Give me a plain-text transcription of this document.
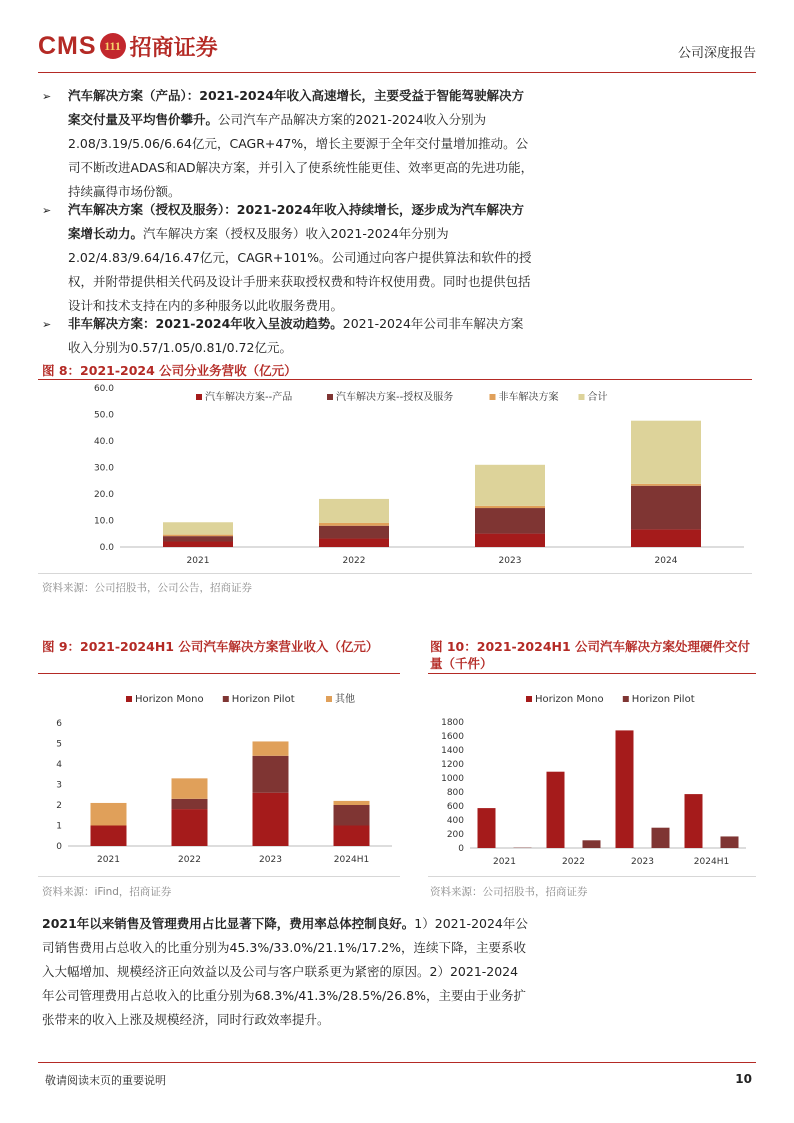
CMS 111 招商证券	公司深度报告
➢ 汽车解决方案（产品）：2021-2024年收入高速增长，主要受益于智能驾驶解决方案交付量及平均售价攀升。公司汽车产品解决方案的2021-2024收入分别为2.08/3.19/5.06/6.64亿元，CAGR+47%，增长主要源于全年交付量增加推动。公司不断改进ADAS和AD解决方案，并引入了使系统性能更佳、效率更高的先进功能，持续赢得市场份额。
➢ 汽车解决方案（授权及服务）：2021-2024年收入持续增长，逐步成为汽车解决方案增长动力。汽车解决方案（授权及服务）收入2021-2024年分别为2.02/4.83/9.64/16.47亿元，CAGR+101%。公司通过向客户提供算法和软件的授权，并附带提供相关代码及设计手册来获取授权费和特许权使用费。同时也提供包括设计和技术支持在内的多种服务以此收服务费用。
➢ 非车解决方案：2021-2024年收入呈波动趋势。2021-2024年公司非车解决方案收入分别为0.57/1.05/0.81/0.72亿元。
图 8：2021-2024 公司分业务营收（亿元）
汽车解决方案--产品	汽车解决方案--授权及服务	非车解决方案	合计
0.0
10.0
20.0
30.0
40.0
50.0
60.0
2021	2022	2023	2024
资料来源：公司招股书，公司公告，招商证券
图 9：2021-2024H1 公司汽车解决方案营业收入（亿元）
Horizon Mono	Horizon Pilot	其他
0
1
2
3
4
5
6
2021	2022	2023	2024H1
资料来源：iFind，招商证券
图 10：2021-2024H1 公司汽车解决方案处理硬件交付量（千件）
Horizon Mono	Horizon Pilot
0
200
400
600
800
1000
1200
1400
1600
1800
2021	2022	2023	2024H1
资料来源：公司招股书，招商证券
2021年以来销售及管理费用占比显著下降，费用率总体控制良好。1）2021-2024年公司销售费用占总收入的比重分别为45.3%/33.0%/21.1%/17.2%，连续下降，主要系收入大幅增加、规模经济正向效益以及公司与客户联系更为紧密的原因。2）2021-2024年公司管理费用占总收入的比重分别为68.3%/41.3%/28.5%/26.8%，主要由于业务扩张带来的收入上涨及规模经济，同时行政效率提升。
敬请阅读末页的重要说明	10
